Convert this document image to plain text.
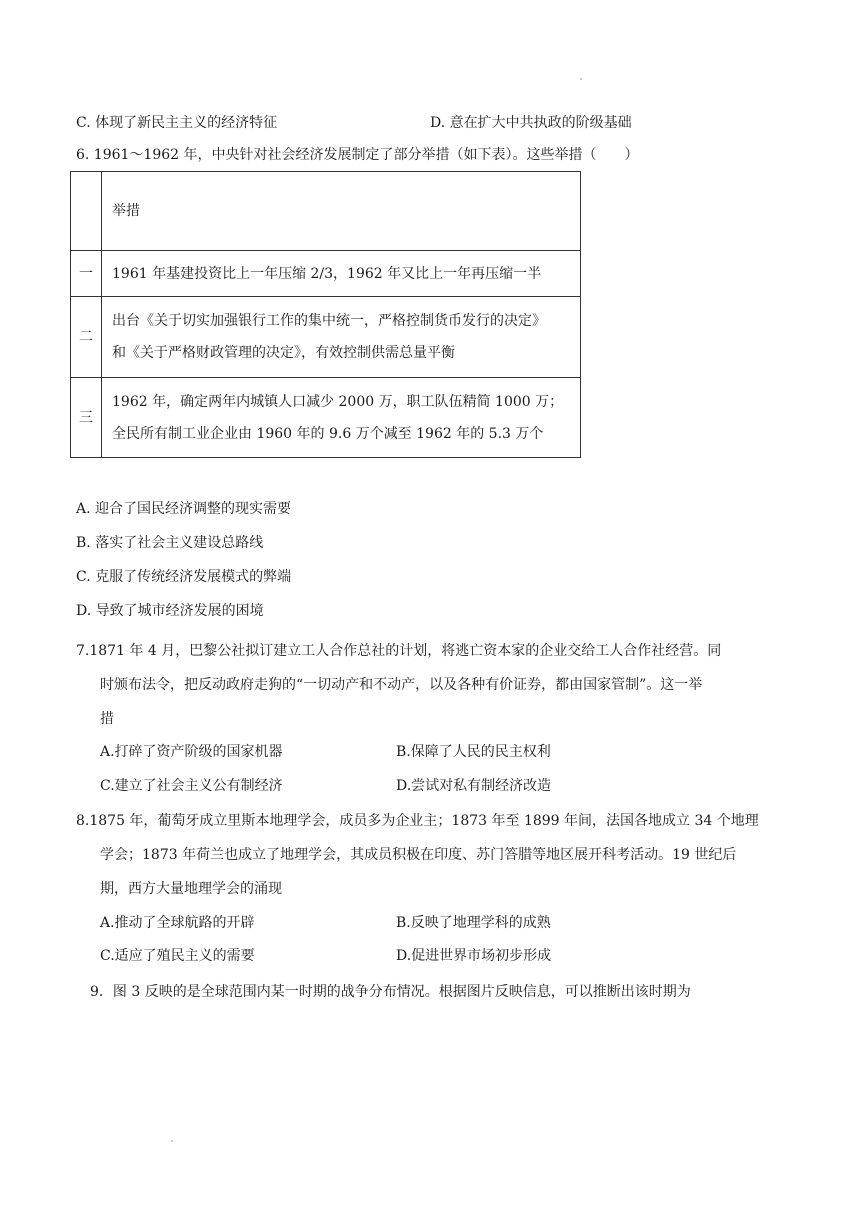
C. 体现了新民主主义的经济特征	D. 意在扩大中共执政的阶级基础
6. 1961～1962 年，中央针对社会经济发展制定了部分举措（如下表）。这些举措（　　）
	举措
一	1961 年基建投资比上一年压缩 2/3，1962 年又比上一年再压缩一半
二	出台《关于切实加强银行工作的集中统一，严格控制货币发行的决定》
和《关于严格财政管理的决定》，有效控制供需总量平衡

三	1962 年，确定两年内城镇人口减少 2000 万，职工队伍精简 1000 万；
全民所有制工业企业由 1960 年的 9.6 万个减至 1962 年的 5.3 万个
A. 迎合了国民经济调整的现实需要
B. 落实了社会主义建设总路线
C. 克服了传统经济发展模式的弊端
D. 导致了城市经济发展的困境
7.1871 年 4 月，巴黎公社拟订建立工人合作总社的计划，将逃亡资本家的企业交给工人合作社经营。同
时颁布法令，把反动政府走狗的“一切动产和不动产，以及各种有价证券，都由国家管制”。这一举
措
A.打碎了资产阶级的国家机器	B.保障了人民的民主权利
C.建立了社会主义公有制经济	D.尝试对私有制经济改造
8.1875 年，葡萄牙成立里斯本地理学会，成员多为企业主；1873 年至 1899 年间，法国各地成立 34 个地理
学会；1873 年荷兰也成立了地理学会，其成员积极在印度、苏门答腊等地区展开科考活动。19 世纪后
期，西方大量地理学会的涌现
A.推动了全球航路的开辟	B.反映了地理学科的成熟
C.适应了殖民主义的需要	D.促进世界市场初步形成
9．图 3 反映的是全球范围内某一时期的战争分布情况。根据图片反映信息，可以推断出该时期为
